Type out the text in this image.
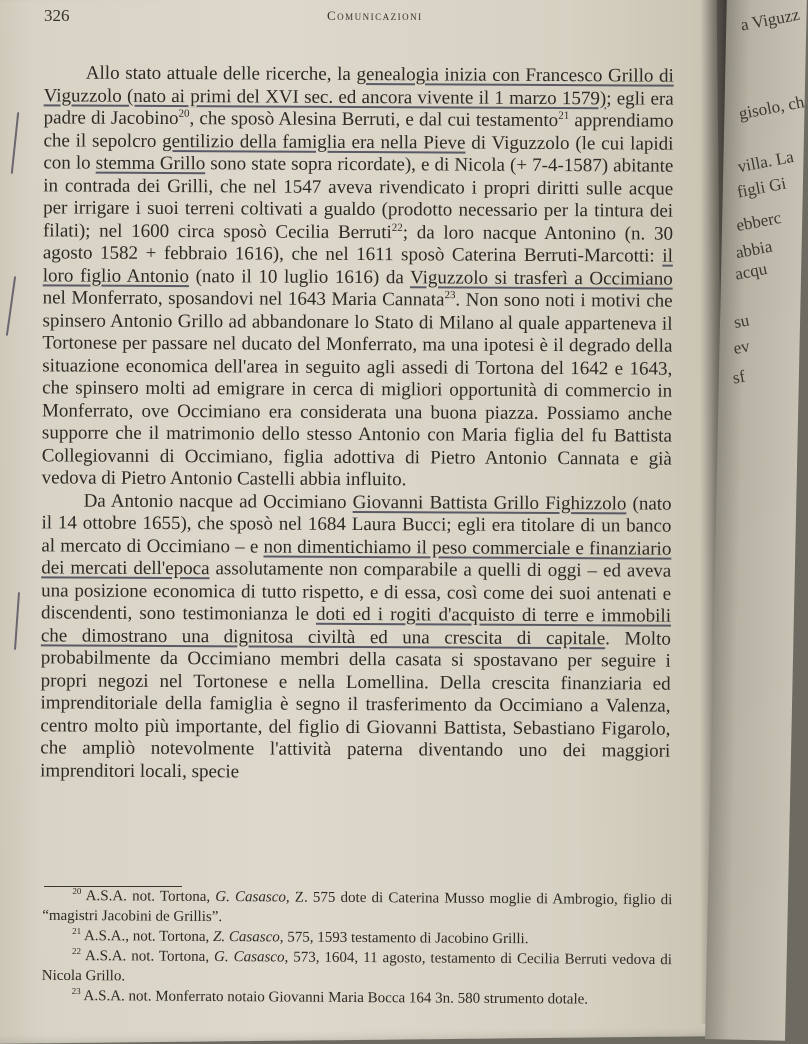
a Viguzz
gisolo, ch
villa. La
figli Gi
ebberc
abbia
acqu
su
ev
sf
326	Comunicazioni

Allo stato attuale delle ricerche, la genealogia inizia con Francesco Grillo di Viguzzolo (nato ai primi del XVI sec. ed ancora vivente il 1 marzo 1579); egli era padre di Jacobino$^{20}$, che sposò Alesina Berruti, e dal cui testamento$^{21}$ apprendiamo che il sepolcro gentilizio della famiglia era nella Pieve di Viguzzolo (le cui lapidi con lo stemma Grillo sono state sopra ricordate), e di Nicola (+ 7-4-1587) abitante in contrada dei Grilli, che nel 1547 aveva rivendicato i propri diritti sulle acque per irrigare i suoi terreni coltivati a gualdo (prodotto necessario per la tintura dei filati); nel 1600 circa sposò Cecilia Berruti$^{22}$; da loro nacque Antonino (n. 30 agosto 1582 + febbraio 1616), che nel 1611 sposò Caterina Berruti-Marcotti: il loro figlio Antonio (nato il 10 luglio 1616) da Viguzzolo si trasferì a Occimiano nel Monferrato, sposandovi nel 1643 Maria Cannata$^{23}$. Non sono noti i motivi che spinsero Antonio Grillo ad abbandonare lo Stato di Milano al quale apparteneva il Tortonese per passare nel ducato del Monferrato, ma una ipotesi è il degrado della situazione economica dell'area in seguito agli assedi di Tortona del 1642 e 1643, che spinsero molti ad emigrare in cerca di migliori opportunità di commercio in Monferrato, ove Occimiano era considerata una buona piazza. Possiamo anche supporre che il matrimonio dello stesso Antonio con Maria figlia del fu Battista Collegiovanni di Occimiano, figlia adottiva di Pietro Antonio Cannata e già vedova di Pietro Antonio Castelli abbia influito.

Da Antonio nacque ad Occimiano Giovanni Battista Grillo Fighizzolo (nato il 14 ottobre 1655), che sposò nel 1684 Laura Bucci; egli era titolare di un banco al mercato di Occimiano – e non dimentichiamo il peso commerciale e finanziario dei mercati dell'epoca assolutamente non comparabile a quelli di oggi – ed aveva una posizione economica di tutto rispetto, e di essa, così come dei suoi antenati e discendenti, sono testimonianza le doti ed i rogiti d'acquisto di terre e immobili che dimostrano una dignitosa civiltà ed una crescita di capitale. Molto probabilmente da Occimiano membri della casata si spostavano per seguire i propri negozi nel Tortonese e nella Lomellina. Della crescita finanziaria ed imprenditoriale della famiglia è segno il trasferimento da Occimiano a Valenza, centro molto più importante, del figlio di Giovanni Battista, Sebastiano Figarolo, che ampliò notevolmente l'attività paterna diventando uno dei maggiori imprenditori locali, specie

$^{20}$ A.S.A. not. Tortona, G. Casasco, Z. 575 dote di Caterina Musso moglie di Ambrogio, figlio di “magistri Jacobini de Grillis”.

$^{21}$ A.S.A., not. Tortona, Z. Casasco, 575, 1593 testamento di Jacobino Grilli.

$^{22}$ A.S.A. not. Tortona, G. Casasco, 573, 1604, 11 agosto, testamento di Cecilia Berruti vedova di Nicola Grillo.

$^{23}$ A.S.A. not. Monferrato notaio Giovanni Maria Bocca 164 3n. 580 strumento dotale.
